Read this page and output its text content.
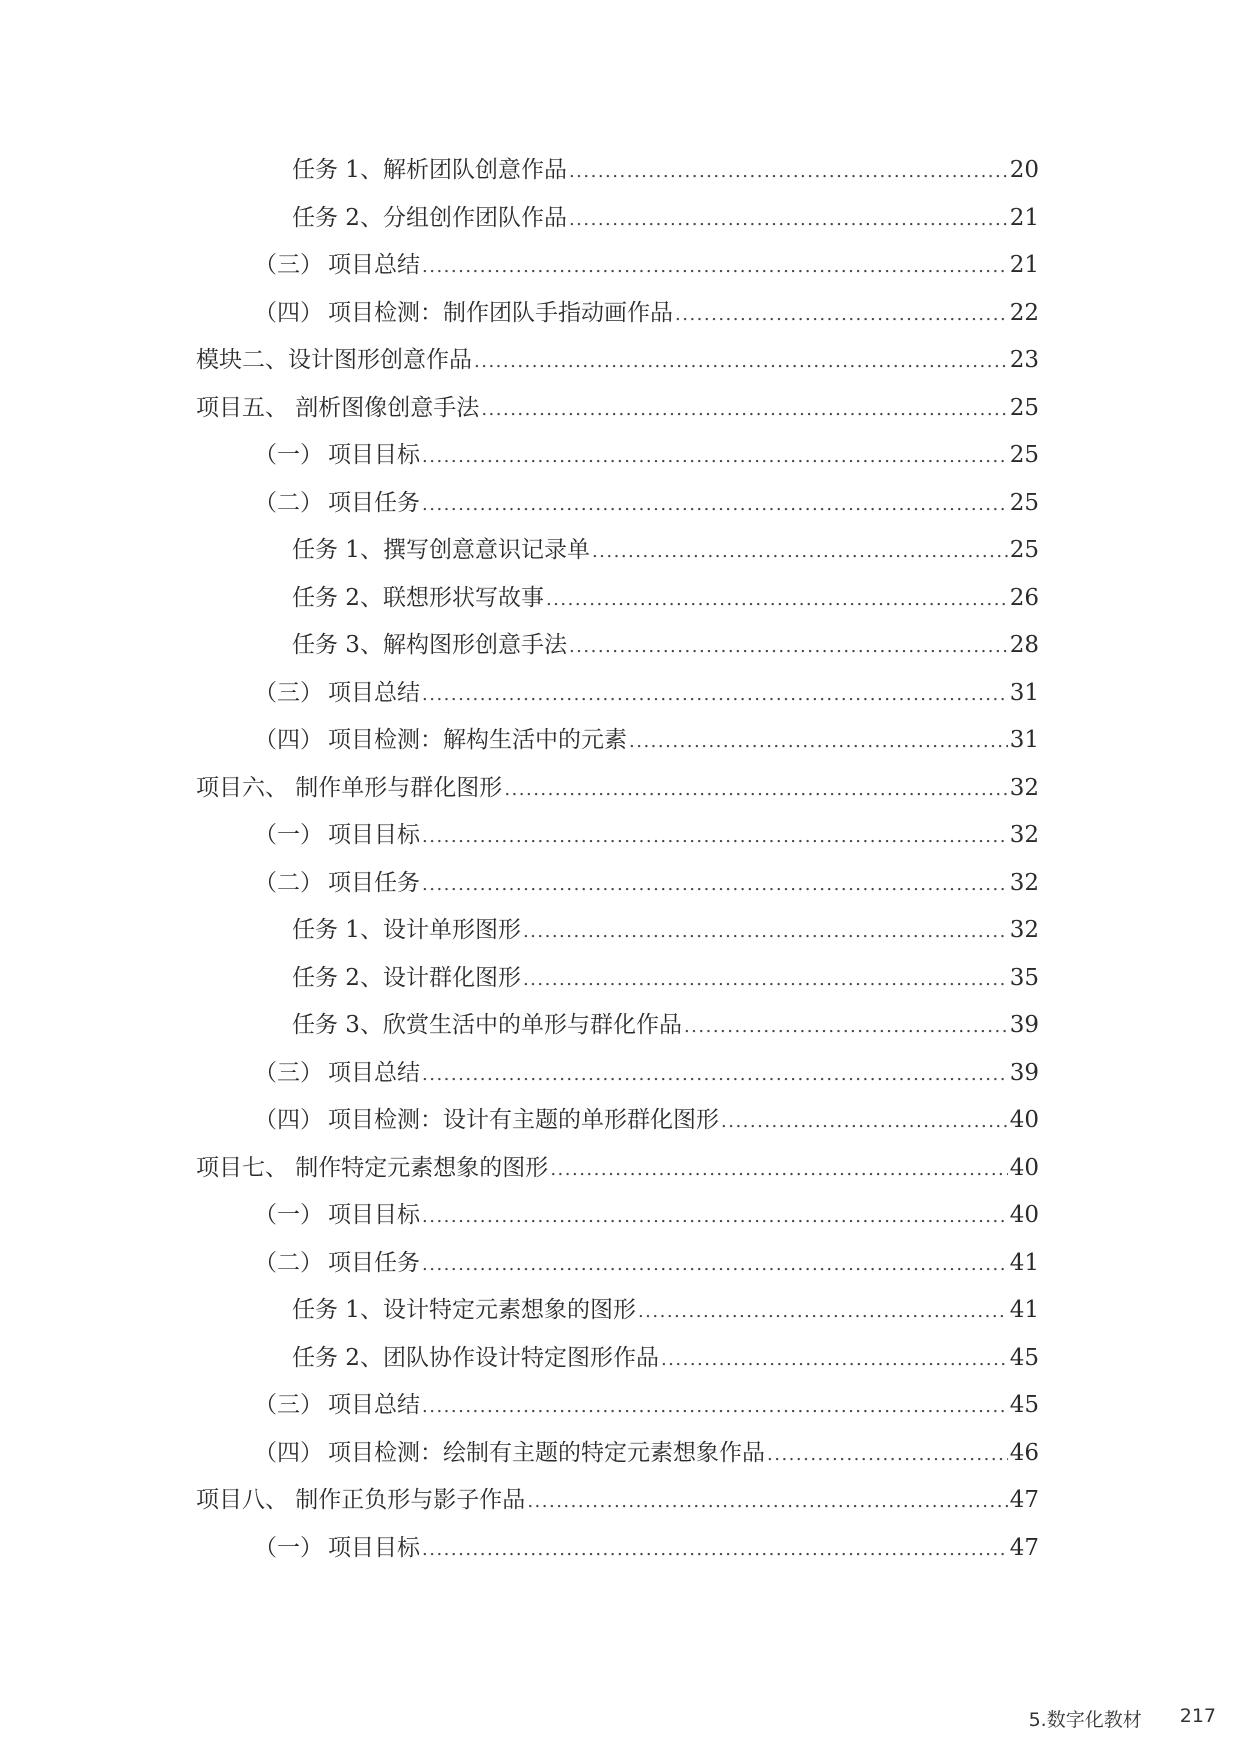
任务 1、解析团队创意作品 .....	20
任务 2、分组创作团队作品 .....	21
（三） 项目总结 .....	21
（四） 项目检测：制作团队手指动画作品 .....	22
模块二、设计图形创意作品 .....	23
项目五、 剖析图像创意手法 .....	25
（一） 项目目标 .....	25
（二） 项目任务 .....	25
任务 1、撰写创意意识记录单 .....	25
任务 2、联想形状写故事 .....	26
任务 3、解构图形创意手法 .....	28
（三） 项目总结 .....	31
（四） 项目检测：解构生活中的元素 .....	31
项目六、 制作单形与群化图形 .....	32
（一） 项目目标 .....	32
（二） 项目任务 .....	32
任务 1、设计单形图形 .....	32
任务 2、设计群化图形 .....	35
任务 3、欣赏生活中的单形与群化作品 .....	39
（三） 项目总结 .....	39
（四） 项目检测：设计有主题的单形群化图形 .....	40
项目七、 制作特定元素想象的图形 .....	40
（一） 项目目标 .....	40
（二） 项目任务 .....	41
任务 1、设计特定元素想象的图形 .....	41
任务 2、团队协作设计特定图形作品 .....	45
（三） 项目总结 .....	45
（四） 项目检测：绘制有主题的特定元素想象作品 .....	46
项目八、 制作正负形与影子作品 .....	47
（一） 项目目标 .....	47
5.数字化教材 217
